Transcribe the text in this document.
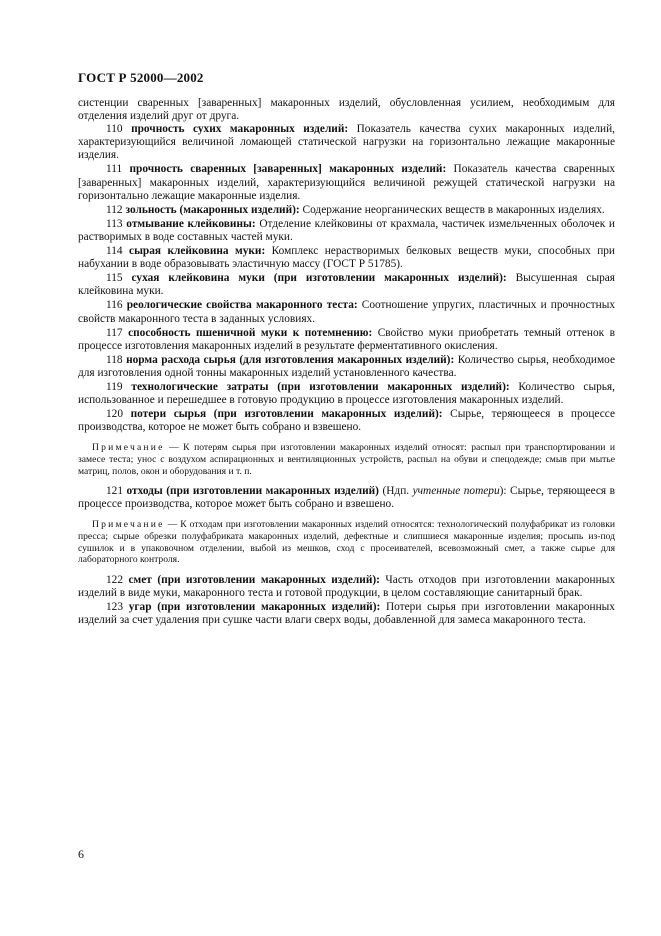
ГОСТ Р 52000—2002

систенции сваренных [заваренных] макаронных изделий, обусловленная усилием, необходимым для отделения изделий друг от друга.

110 прочность сухих макаронных изделий: Показатель качества сухих макаронных изделий, характеризующийся величиной ломающей статической нагрузки на горизонтально лежащие макаронные изделия.

111 прочность сваренных [заваренных] макаронных изделий: Показатель качества сваренных [заваренных] макаронных изделий, характеризующийся величиной режущей статической нагрузки на горизонтально лежащие макаронные изделия.

112 зольность (макаронных изделий): Содержание неорганических веществ в макаронных изделиях.

113 отмывание клейковины: Отделение клейковины от крахмала, частичек измельченных оболочек и растворимых в воде составных частей муки.

114 сырая клейковина муки: Комплекс нерастворимых белковых веществ муки, способных при набухании в воде образовывать эластичную массу (ГОСТ Р 51785).

115 сухая клейковина муки (при изготовлении макаронных изделий): Высушенная сырая клейковина муки.

116 реологические свойства макаронного теста: Соотношение упругих, пластичных и прочностных свойств макаронного теста в заданных условиях.

117 способность пшеничной муки к потемнению: Свойство муки приобретать темный оттенок в процессе изготовления макаронных изделий в результате ферментативного окисления.

118 норма расхода сырья (для изготовления макаронных изделий): Количество сырья, необходимое для изготовления одной тонны макаронных изделий установленного качества.

119 технологические затраты (при изготовлении макаронных изделий): Количество сырья, использованное и перешедшее в готовую продукцию в процессе изготовления макаронных изделий.

120 потери сырья (при изготовлении макаронных изделий): Сырье, теряющееся в процессе производства, которое не может быть собрано и взвешено.

Примечание — К потерям сырья при изготовлении макаронных изделий относят: распыл при транспортировании и замесе теста; унос с воздухом аспирационных и вентиляционных устройств, распыл на обуви и спецодежде; смыв при мытье матриц, полов, окон и оборудования и т. п.

121 отходы (при изготовлении макаронных изделий) (Ндп. учтенные потери): Сырье, теряющееся в процессе производства, которое может быть собрано и взвешено.

Примечание — К отходам при изготовлении макаронных изделий относятся: технологический полуфабрикат из головки пресса; сырые обрезки полуфабриката макаронных изделий, дефектные и слипшиеся макаронные изделия; просыпь из-под сушилок и в упаковочном отделении, выбой из мешков, сход с просеивателей, всевозможный смет, а также сырье для лабораторного контроля.

122 смет (при изготовлении макаронных изделий): Часть отходов при изготовлении макаронных изделий в виде муки, макаронного теста и готовой продукции, в целом составляющие санитарный брак.

123 угар (при изготовлении макаронных изделий): Потери сырья при изготовлении макаронных изделий за счет удаления при сушке части влаги сверх воды, добавленной для замеса макаронного теста.

6
